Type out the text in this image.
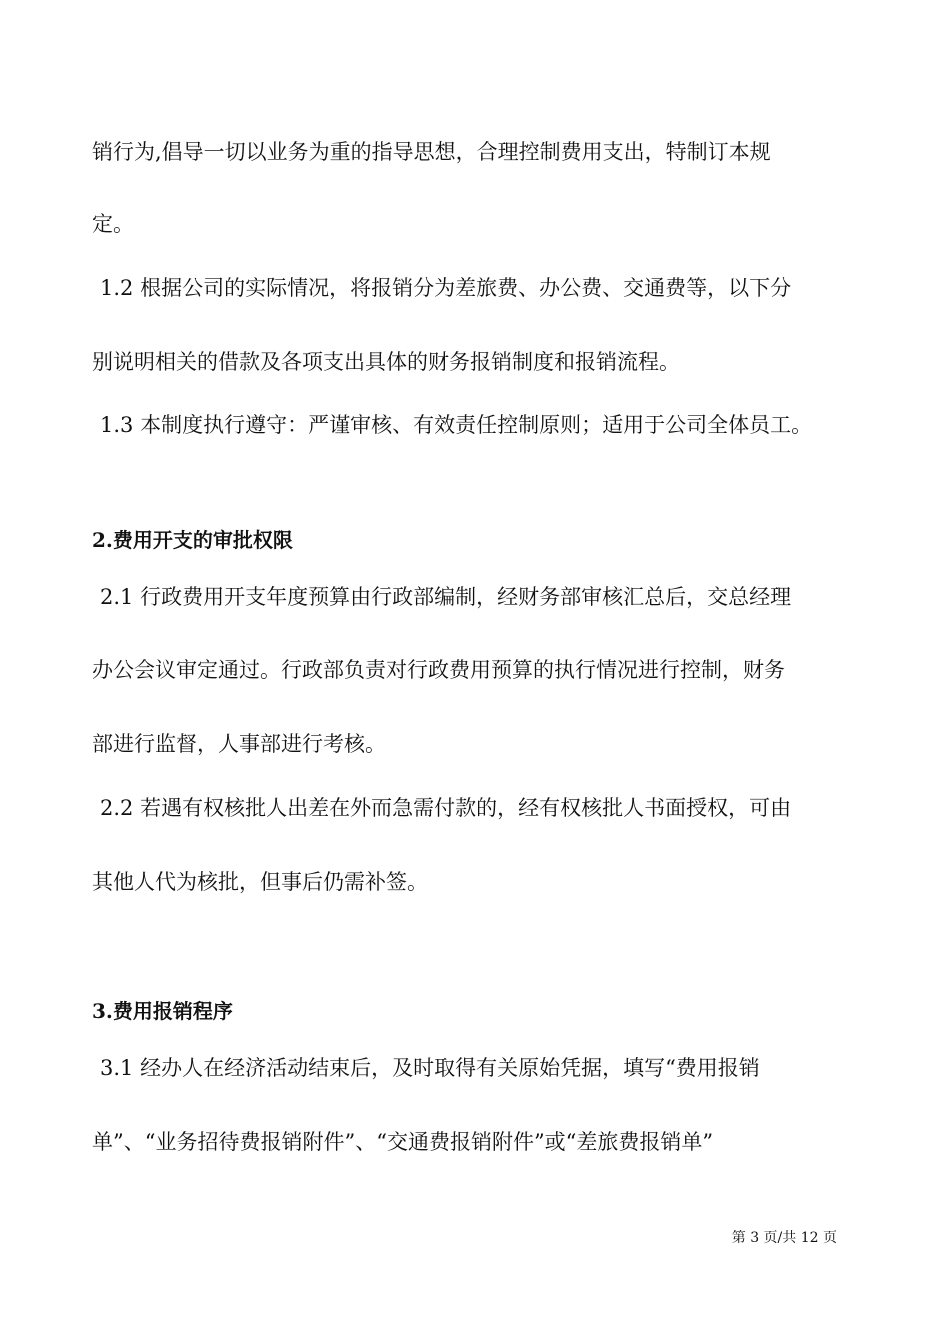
销行为,倡导一切以业务为重的指导思想，合理控制费用支出，特制订本规
定。
1.2 根据公司的实际情况，将报销分为差旅费、办公费、交通费等，以下分
别说明相关的借款及各项支出具体的财务报销制度和报销流程。
1.3 本制度执行遵守：严谨审核、有效责任控制原则；适用于公司全体员工。
2.费用开支的审批权限
2.1 行政费用开支年度预算由行政部编制，经财务部审核汇总后，交总经理
办公会议审定通过。行政部负责对行政费用预算的执行情况进行控制，财务
部进行监督，人事部进行考核。
2.2 若遇有权核批人出差在外而急需付款的，经有权核批人书面授权，可由
其他人代为核批，但事后仍需补签。
3.费用报销程序
3.1 经办人在经济活动结束后，及时取得有关原始凭据，填写“费用报销
单”、“业务招待费报销附件”、“交通费报销附件”或“差旅费报销单”
第 3 页/共 12 页
